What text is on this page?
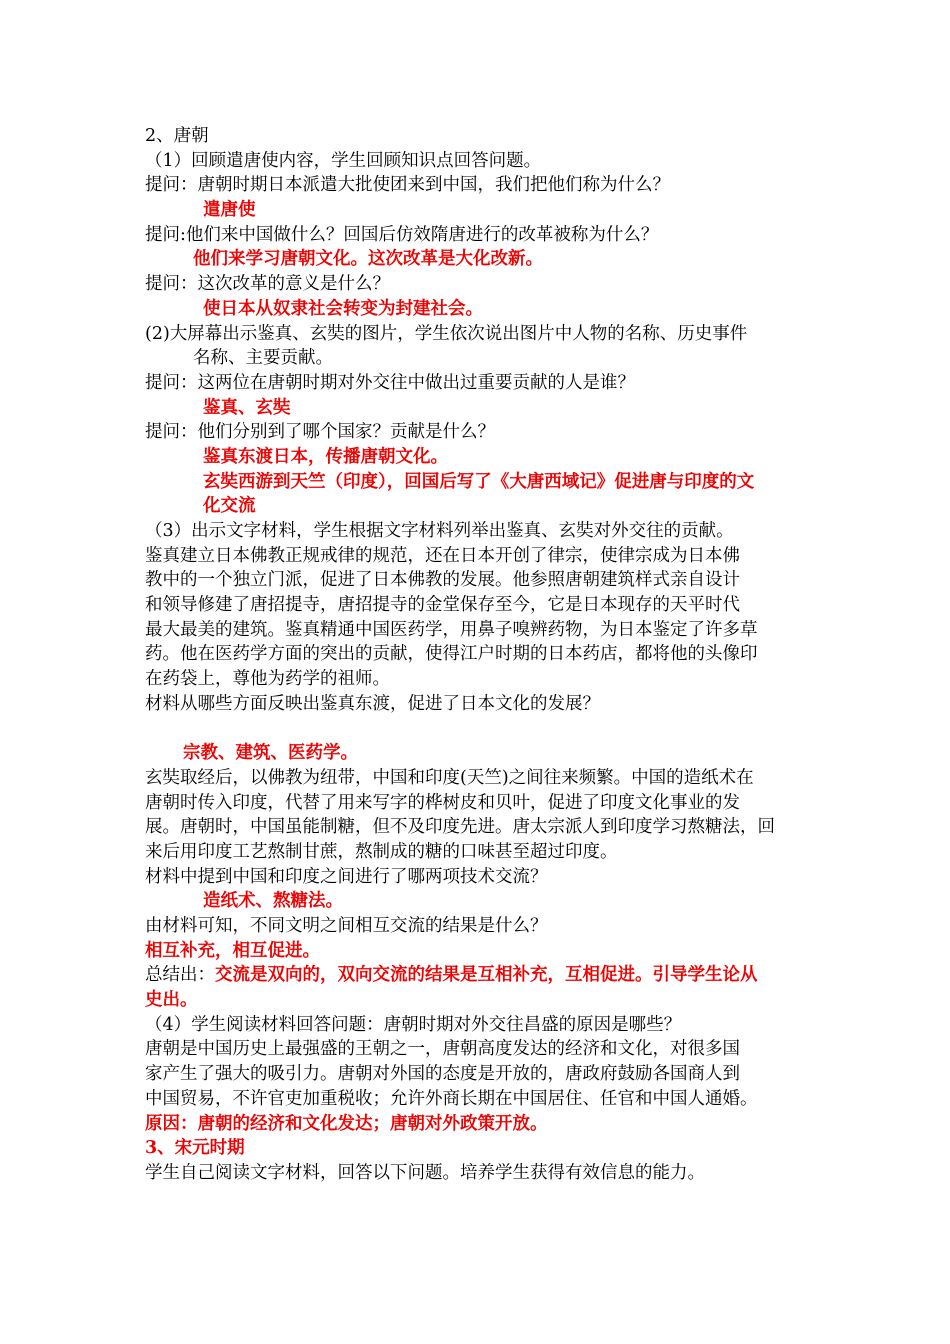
2、唐朝
（1）回顾遣唐使内容，学生回顾知识点回答问题。
提问：唐朝时期日本派遣大批使团来到中国，我们把他们称为什么？
遣唐使
提问:他们来中国做什么？回国后仿效隋唐进行的改革被称为什么？
他们来学习唐朝文化。这次改革是大化改新。
提问：这次改革的意义是什么？
使日本从奴隶社会转变为封建社会。
(2)大屏幕出示鉴真、玄奘的图片，学生依次说出图片中人物的名称、历史事件
名称、主要贡献。
提问：这两位在唐朝时期对外交往中做出过重要贡献的人是谁？
鉴真、玄奘
提问：他们分别到了哪个国家？贡献是什么？
鉴真东渡日本，传播唐朝文化。
玄奘西游到天竺（印度），回国后写了《大唐西域记》促进唐与印度的文
化交流
（3）出示文字材料，学生根据文字材料列举出鉴真、玄奘对外交往的贡献。
鉴真建立日本佛教正规戒律的规范，还在日本开创了律宗，使律宗成为日本佛
教中的一个独立门派，促进了日本佛教的发展。他参照唐朝建筑样式亲自设计
和领导修建了唐招提寺，唐招提寺的金堂保存至今，它是日本现存的天平时代
最大最美的建筑。鉴真精通中国医药学，用鼻子嗅辨药物，为日本鉴定了许多草
药。他在医药学方面的突出的贡献，使得江户时期的日本药店，都将他的头像印
在药袋上，尊他为药学的祖师。
材料从哪些方面反映出鉴真东渡，促进了日本文化的发展？
宗教、建筑、医药学。
玄奘取经后，以佛教为纽带，中国和印度(天竺)之间往来频繁。中国的造纸术在
唐朝时传入印度，代替了用来写字的桦树皮和贝叶，促进了印度文化事业的发
展。唐朝时，中国虽能制糖，但不及印度先进。唐太宗派人到印度学习熬糖法，回
来后用印度工艺熬制甘蔗，熬制成的糖的口味甚至超过印度。
材料中提到中国和印度之间进行了哪两项技术交流？
造纸术、熬糖法。
由材料可知，不同文明之间相互交流的结果是什么？
相互补充，相互促进。
总结出：交流是双向的，双向交流的结果是互相补充，互相促进。引导学生论从
史出。
（4）学生阅读材料回答问题：唐朝时期对外交往昌盛的原因是哪些？
唐朝是中国历史上最强盛的王朝之一，唐朝高度发达的经济和文化，对很多国
家产生了强大的吸引力。唐朝对外国的态度是开放的，唐政府鼓励各国商人到
中国贸易，不许官吏加重税收；允许外商长期在中国居住、任官和中国人通婚。
原因：唐朝的经济和文化发达；唐朝对外政策开放。
3、宋元时期
学生自己阅读文字材料，回答以下问题。培养学生获得有效信息的能力。
